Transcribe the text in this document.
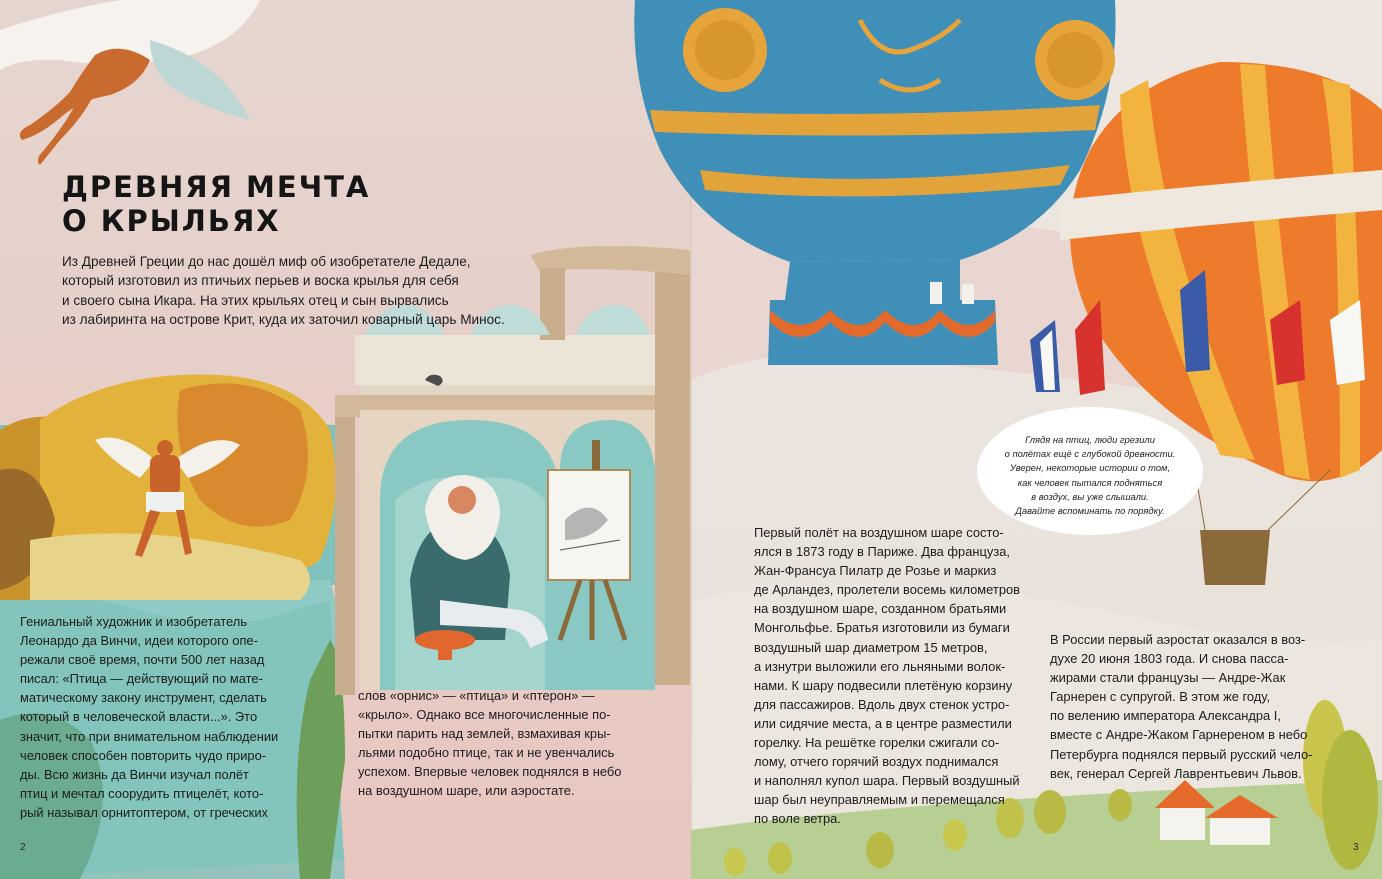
ДРЕВНЯЯ МЕЧТА
О КРЫЛЬЯХ
Из Древней Греции до нас дошёл миф об изобретателе Дедале,
который изготовил из птичьих перьев и воска крылья для себя
и своего сына Икара. На этих крыльях отец и сын вырвались
из лабиринта на острове Крит, куда их заточил коварный царь Минос.
Гениальный художник и изобретатель
Леонардо да Винчи, идеи которого опе-
режали своё время, почти 500 лет назад
писал: «Птица — действующий по мате-
матическому закону инструмент, сделать
который в человеческой власти...». Это
значит, что при внимательном наблюдении
человек способен повторить чудо приро-
ды. Всю жизнь да Винчи изучал полёт
птиц и мечтал соорудить птицелёт, кото-
рый называл орнитоптером, от греческих
слов «орнис» — «птица» и «птерон» —
«крыло». Однако все многочисленные по-
пытки парить над землей, взмахивая кры-
льями подобно птице, так и не увенчались
успехом. Впервые человек поднялся в небо
на воздушном шаре, или аэростате.
Первый полёт на воздушном шаре состо-
ялся в 1873 году в Париже. Два француза,
Жан-Франсуа Пилатр де Розье и маркиз
де Арландез, пролетели восемь километров
на воздушном шаре, созданном братьями
Монгольфье. Братья изготовили из бумаги
воздушный шар диаметром 15 метров,
а изнутри выложили его льняными волок-
нами. К шару подвесили плетёную корзину
для пассажиров. Вдоль двух стенок устро-
или сидячие места, а в центре разместили
горелку. На решётке горелки сжигали со-
лому, отчего горячий воздух поднимался
и наполнял купол шара. Первый воздушный
шар был неуправляемым и перемещался
по воле ветра.
В России первый аэростат оказался в воз-
духе 20 июня 1803 года. И снова пасса-
жирами стали французы — Андре-Жак
Гарнерен с супругой. В этом же году,
по велению императора Александра I,
вместе с Андре-Жаком Гарнереном в небо
Петербурга поднялся первый русский чело-
век, генерал Сергей Лаврентьевич Львов.
Глядя на птиц, люди грезили
о полётах ещё с глубокой древности.
Уверен, некоторые истории о том,
как человек пытался подняться
в воздух, вы уже слышали.
Давайте вспоминать по порядку.
2	3
